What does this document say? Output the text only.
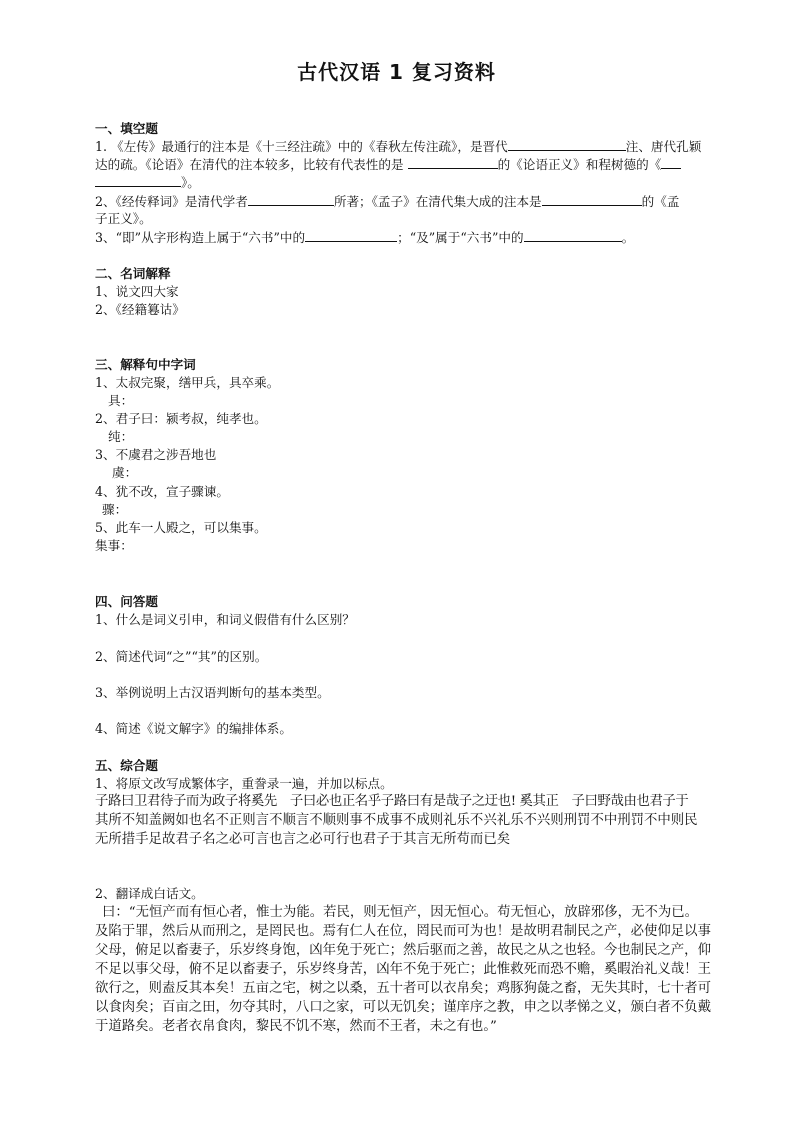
古代汉语 1 复习资料
一、填空题
1. 《左传》最通行的注本是《十三经注疏》中的《春秋左传注疏》，是晋代	注、唐代孔颖
达的疏。《论语》在清代的注本较多，比较有代表性的是	的《论语正义》和程树德的《
》。
2、《经传释词》是清代学者	所著；《孟子》在清代集大成的注本是	的《孟
子正义》。
3、“即”从字形构造上属于“六书”中的	；“及”属于“六书”中的	。
二、名词解释
1、说文四大家
2、《经籍篹诂》
三、解释句中字词
1、太叔完聚，缮甲兵，具卒乘。
具：
2、君子曰：颍考叔，纯孝也。
纯：
3、不虞君之涉吾地也
虞：
4、犹不改，宣子骤谏。
骤：
5、此车一人殿之，可以集事。
集事：
四、问答题
1、什么是词义引申，和词义假借有什么区别？
2、简述代词“之”“其”的区别。
3、举例说明上古汉语判断句的基本类型。
4、简述《说文解字》的编排体系。
五、综合题
1、将原文改写成繁体字，重誊录一遍，并加以标点。
子路曰卫君待子而为政子将奚先　子曰必也正名乎子路曰有是哉子之迂也! 奚其正　子曰野哉由也君子于
其所不知盖阙如也名不正则言不顺言不顺则事不成事不成则礼乐不兴礼乐不兴则刑罚不中刑罚不中则民
无所措手足故君子名之必可言也言之必可行也君子于其言无所苟而已矣
2、翻译成白话文。
曰：“无恒产而有恒心者，惟士为能。若民，则无恒产，因无恒心。苟无恒心，放辟邪侈，无不为已。
及陷于罪，然后从而刑之，是罔民也。焉有仁人在位，罔民而可为也！是故明君制民之产，必使仰足以事
父母，俯足以畜妻子，乐岁终身饱，凶年免于死亡；然后驱而之善，故民之从之也轻。今也制民之产，仰
不足以事父母，俯不足以畜妻子，乐岁终身苦，凶年不免于死亡；此惟救死而恐不赡，奚暇治礼义哉！王
欲行之，则盍反其本矣！五亩之宅，树之以桑，五十者可以衣帛矣；鸡豚狗彘之畜，无失其时，七十者可
以食肉矣；百亩之田，勿夺其时，八口之家，可以无饥矣；谨庠序之教，申之以孝悌之义，颁白者不负戴
于道路矣。老者衣帛食肉，黎民不饥不寒，然而不王者，未之有也。”
